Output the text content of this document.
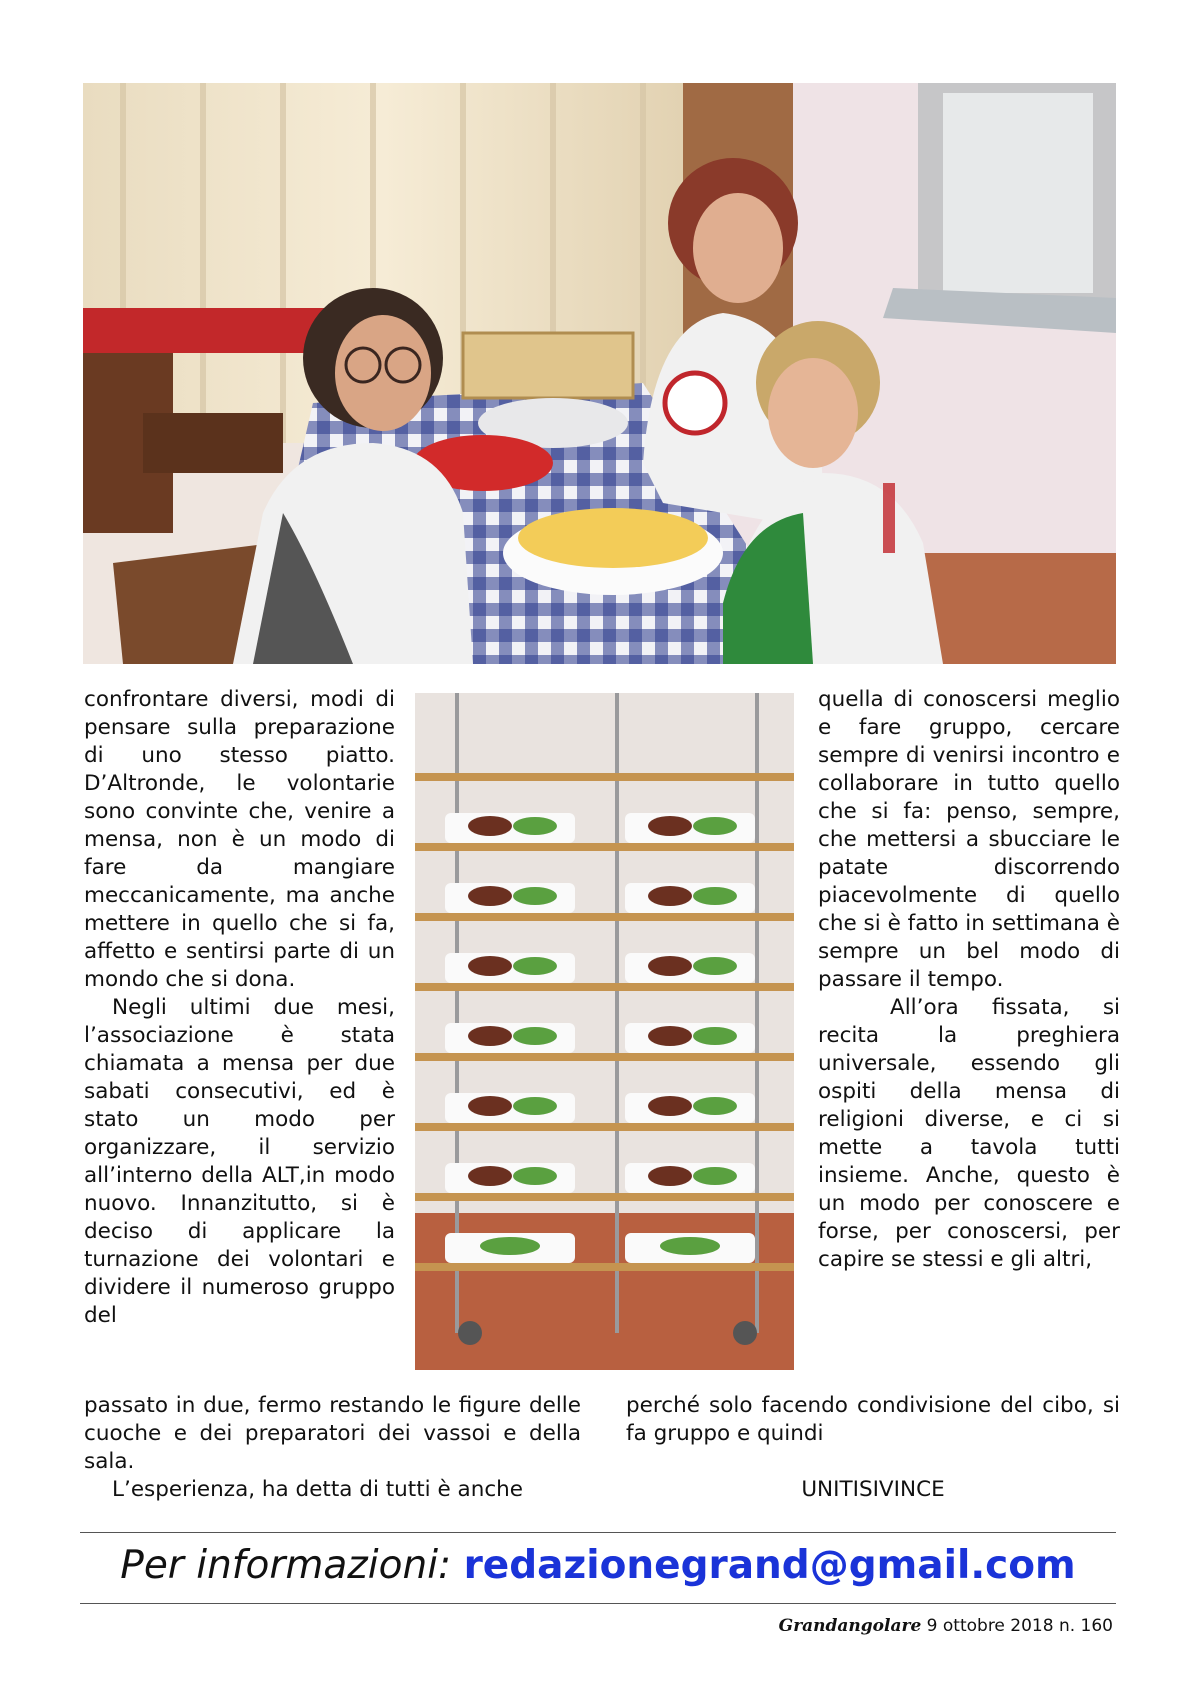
confrontare diversi, modi di pensare sulla preparazione di uno stesso piatto. D’Altronde, le volontarie sono convinte che, venire a mensa, non è un modo di fare da mangiare meccanicamente, ma anche mettere in quello che si fa, affetto e sentirsi parte di un mondo che si dona.

Negli ultimi due mesi, l’associazione è stata chiamata a mensa per due sabati consecutivi, ed è stato un modo per organizzare, il servizio all’interno della ALT,in modo nuovo. Innanzitutto, si è deciso di applicare la turnazione dei volontari e dividere il numeroso gruppo del

quella di conoscersi meglio e fare gruppo, cercare sempre di venirsi incontro e collaborare in tutto quello che si fa: penso, sempre, che mettersi a sbucciare le patate discorrendo piacevolmente di quello che si è fatto in settimana è sempre un bel modo di passare il tempo.

All’ora fissata, si recita la preghiera universale, essendo gli ospiti della mensa di religioni diverse, e ci si mette a tavola tutti insieme. Anche, questo è un modo per conoscere e forse, per conoscersi, per capire se stessi e gli altri,

passato in due, fermo restando le figure delle cuoche e dei preparatori dei vassoi e della sala.

L’esperienza, ha detta di tutti è anche

perché solo facendo condivisione del cibo, si fa gruppo e quindi

UNITISIVINCE

Per informazioni: redazionegrand@gmail.com
Grandangolare 9 ottobre 2018 n. 160
